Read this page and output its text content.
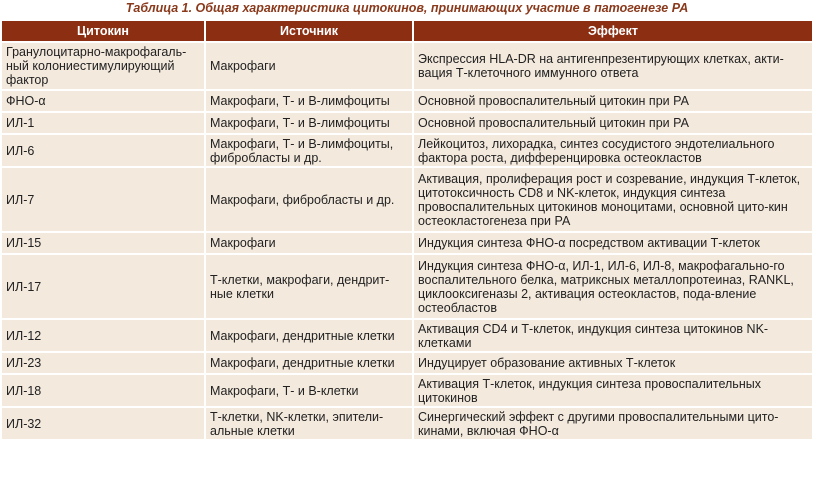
Таблица 1. Общая характеристика цитокинов, принимающих участие в патогенезе РА
Цитокин	Источник	Эффект
Гранулоцитарно-макрофагаль-ный колониестимулирующий фактор	Макрофаги	Экспрессия HLA-DR на антигенпрезентирующих клетках, акти-вация Т-клеточного иммунного ответа
ФНО-α	Макрофаги, Т- и В-лимфоциты	Основной провоспалительный цитокин при РА
ИЛ-1	Макрофаги, Т- и В-лимфоциты	Основной провоспалительный цитокин при РА
ИЛ-6	Макрофаги, Т- и В-лимфоциты, фибробласты и др.	Лейкоцитоз, лихорадка, синтез сосудистого эндотелиального фактора роста, дифференцировка остеокластов
ИЛ-7	Макрофаги, фибробласты и др.	Активация, пролиферация рост и созревание, индукция Т-клеток, цитотоксичность CD8 и NK-клеток, индукция синтеза провоспалительных цитокинов моноцитами, основной цито-кин остеокластогенеза при РА
ИЛ-15	Макрофаги	Индукция синтеза ФНО-α посредством активации Т-клеток
ИЛ-17	Т-клетки, макрофаги, дендрит-ные клетки	Индукция синтеза ФНО-α, ИЛ-1, ИЛ-6, ИЛ-8, макрофагально-го воспалительного белка, матриксных металлопротеиназ, RANKL, циклооксигеназы 2, активация остеокластов, пода-вление остеобластов
ИЛ-12	Макрофаги, дендритные клетки	Активация CD4 и Т-клеток, индукция синтеза цитокинов NK-клетками
ИЛ-23	Макрофаги, дендритные клетки	Индуцирует образование активных Т-клеток
ИЛ-18	Макрофаги, Т- и В-клетки	Активация Т-клеток, индукция синтеза провоспалительных цитокинов
ИЛ-32	Т-клетки, NK-клетки, эпители-альные клетки	Синергический эффект с другими провоспалительными цито-кинами, включая ФНО-α
